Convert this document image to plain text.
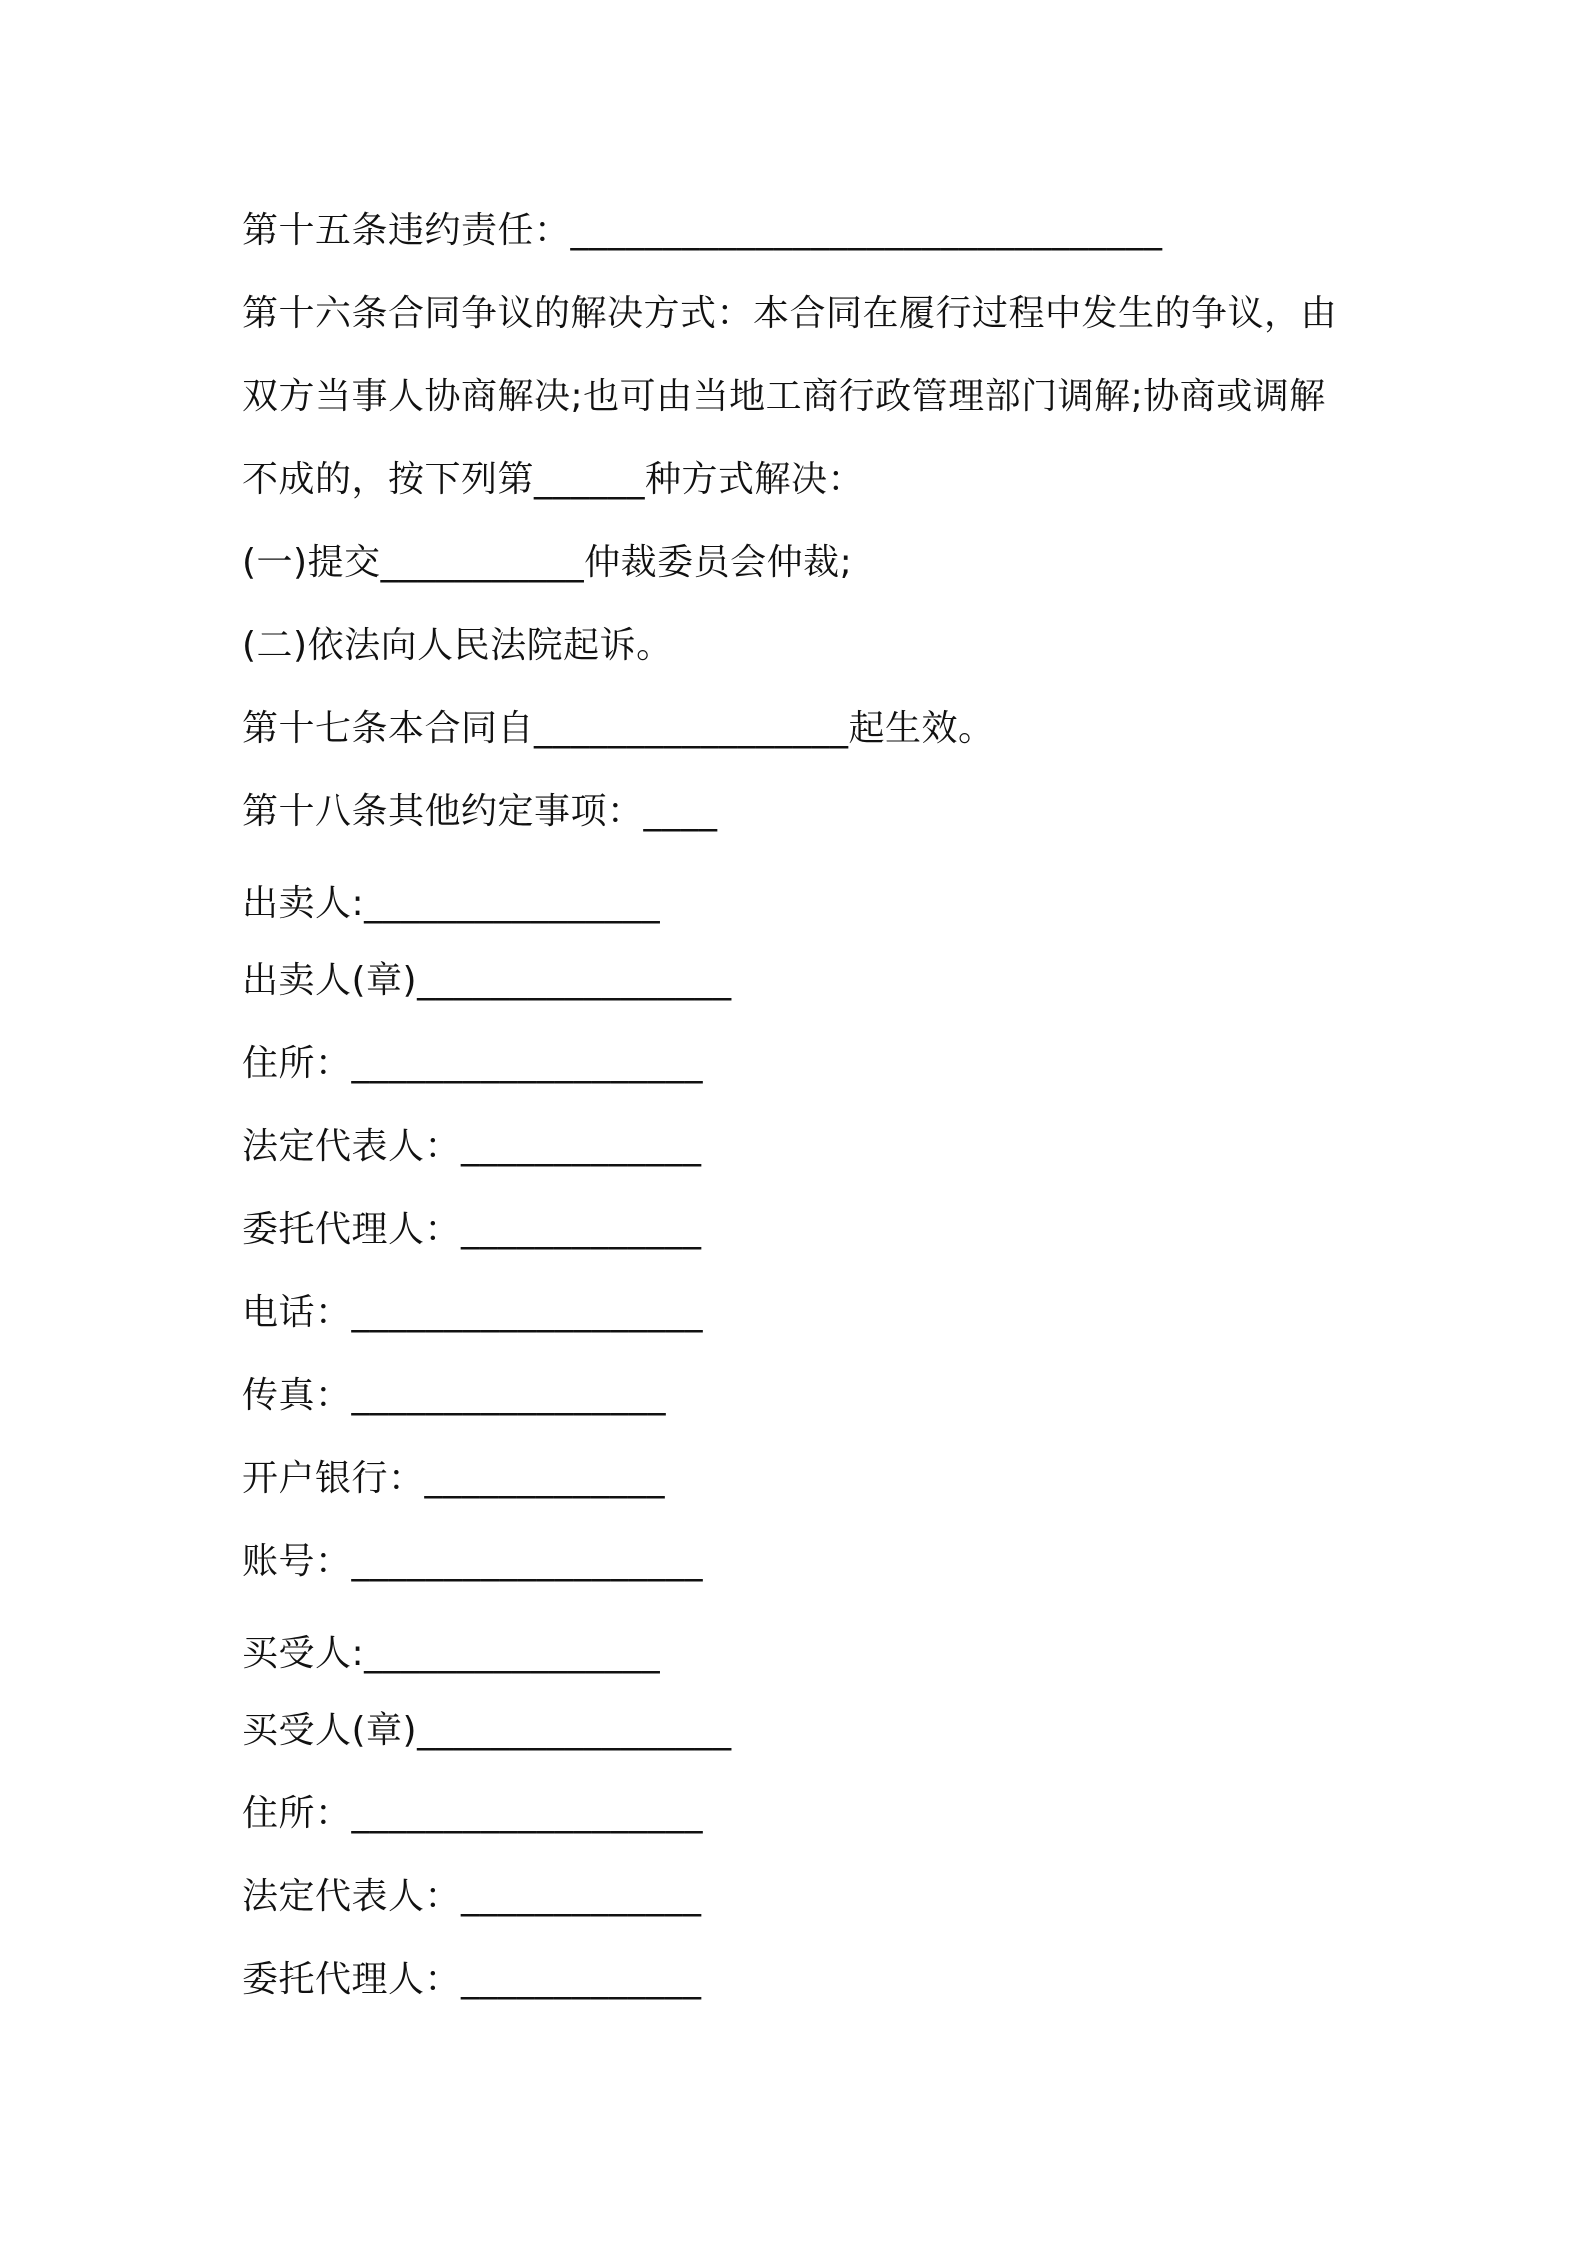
第十五条违约责任：________________________________
第十六条合同争议的解决方式：本合同在履行过程中发生的争议，由
双方当事人协商解决;也可由当地工商行政管理部门调解;协商或调解
不成的，按下列第______种方式解决：
(一)提交___________仲裁委员会仲裁;
(二)依法向人民法院起诉。
第十七条本合同自_________________起生效。
第十八条其他约定事项：____
出卖人:________________
出卖人(章)_________________
住所：___________________
法定代表人：_____________
委托代理人：_____________
电话：___________________
传真：_________________
开户银行：_____________
账号：___________________
买受人:________________
买受人(章)_________________
住所：___________________
法定代表人：_____________
委托代理人：_____________
